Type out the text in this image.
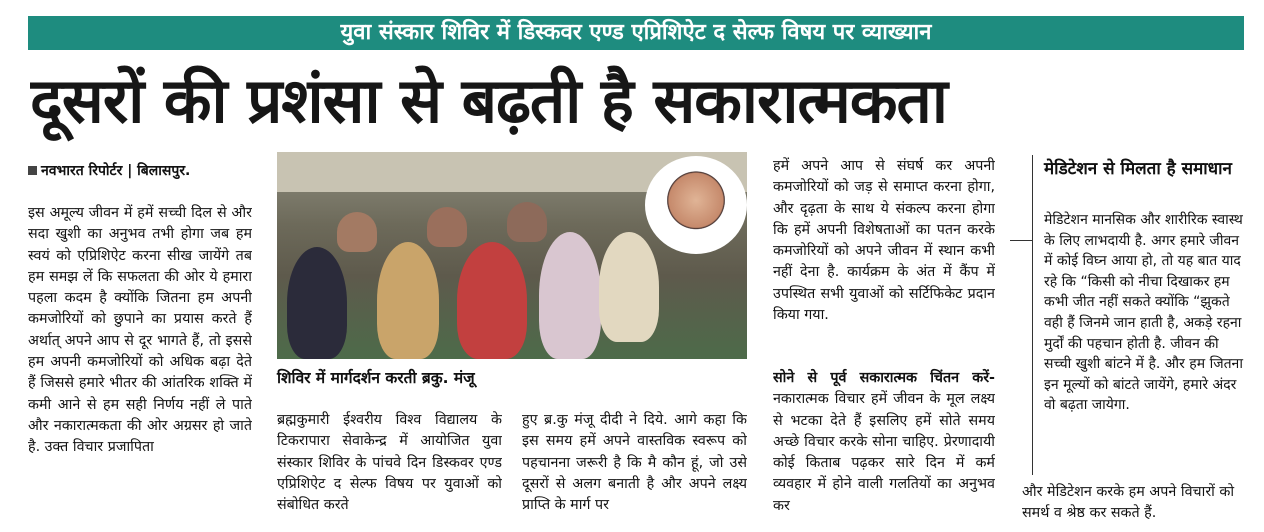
युवा संस्कार शिविर में डिस्कवर एण्ड एप्रिशिऐट द सेल्फ विषय पर व्याख्यान
दूसरों की प्रशंसा से बढ़ती है सकारात्मकता
नवभारत रिपोर्टर | बिलासपुर.
इस अमूल्य जीवन में हमें सच्ची दिल से और सदा खुशी का अनुभव तभी होगा जब हम स्वयं को एप्रिशिऐट करना सीख जायेंगे तब हम समझ लें कि सफलता की ओर ये हमारा पहला कदम है क्योंकि जितना हम अपनी कमजोरियों को छुपाने का प्रयास करते हैं अर्थात् अपने आप से दूर भागते हैं, तो इससे हम अपनी कमजोरियों को अधिक बढ़ा देते हैं जिससे हमारे भीतर की आंतरिक शक्ति में कमी आने से हम सही निर्णय नहीं ले पाते और नकारात्मकता की ओर अग्रसर हो जाते है. उक्त विचार प्रजापिता
शिविर में मार्गदर्शन करती ब्रकु. मंजू
ब्रह्मकुमारी ईश्वरीय विश्व विद्यालय के टिकरापारा सेवाकेन्द्र में आयोजित युवा संस्कार शिविर के पांचवे दिन डिस्कवर एण्ड एप्रिशिऐट द सेल्फ विषय पर युवाओं को संबोधित करते
हुए ब्र.कु मंजू दीदी ने दिये. आगे कहा कि इस समय हमें अपने वास्तविक स्वरूप को पहचानना जरूरी है कि मै कौन हूं, जो उसे दूसरों से अलग बनाती है और अपने लक्ष्य प्राप्ति के मार्ग पर
हमें अपने आप से संघर्ष कर अपनी कमजोरियों को जड़ से समाप्त करना होगा, और दृढ़ता के साथ ये संकल्प करना होगा कि हमें अपनी विशेषताओं का पतन करके कमजोरियों को अपने जीवन में स्थान कभी नहीं देना है. कार्यक्रम के अंत में कैंप में उपस्थित सभी युवाओं को सर्टिफिकेट प्रदान किया गया.
सोने से पूर्व सकारात्मक चिंतन करें- नकारात्मक विचार हमें जीवन के मूल लक्ष्य से भटका देते हैं इसलिए हमें सोते समय अच्छे विचार करके सोना चाहिए. प्रेरणादायी कोई किताब पढ़कर सारे दिन में कर्म व्यवहार में होने वाली गलतियों का अनुभव कर
मेडिटेशन से मिलता है समाधान
मेडिटेशन मानसिक और शारीरिक स्वास्थ के लिए लाभदायी है. अगर हमारे जीवन में कोई विघ्न आया हो, तो यह बात याद रहे कि “किसी को नीचा दिखाकर हम कभी जीत नहीं सकते क्योंकि “झुकते वही हैं जिनमे जान हाती है, अकड़े रहना मुर्दों की पहचान होती है. जीवन की सच्ची खुशी बांटने में है. और हम जितना इन मूल्यों को बांटते जायेंगे, हमारे अंदर वो बढ़ता जायेगा.
और मेडिटेशन करके हम अपने विचारों को समर्थ व श्रेष्ठ कर सकते हैं.
